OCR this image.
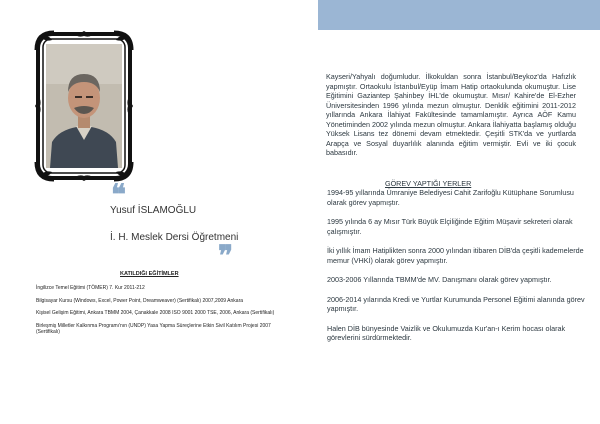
❝
Yusuf İSLAMOĞLU
İ. H. Meslek Dersi Öğretmeni
❞
KATILDIĞI EĞİTİMLER
İngilizce Temel Eğitimi (TÖMER) 7. Kur 2011-212
Bilgisayar Kursu (Windows, Excel, Power Point, Dreamweaver) (Sertifikalı) 2007,2009 Ankara
Kişisel Gelişim Eğitimi, Ankara TBMM 2004, Çanakkale 2008 ISO 9001 2000 TSE, 2006, Ankara (Sertifikalı)
Birleşmiş Milletler Kalkınma Programı'nın (UNDP) Yasa Yapma Süreçlerine Etkin Sivil Katılım Projesi 2007 (Sertifikalı)

Kayseri/Yahyalı doğumludur. İlkokuldan sonra İstanbul/Beykoz'da Hafızlık yapmıştır. Ortaokulu İstanbul/Eyüp İmam Hatip ortaokulunda okumuştur. Lise Eğitimini Gaziantep Şahinbey İHL'de okumuştur. Mısır/ Kahire'de El-Ezher Üniversitesinden 1996 yılında mezun olmuştur. Denklik eğitimini 2011-2012 yıllarında Ankara İlahiyat Fakültesinde tamamlamıştır. Ayrıca AÖF Kamu Yönetiminden 2002 yılında mezun olmuştur. Ankara İlahiyatta başlamış olduğu Yüksek Lisans tez dönemi devam etmektedir. Çeşitli STK'da ve yurtlarda Arapça ve Sosyal duyarlılık alanında eğitim vermiştir. Evli ve iki çocuk babasıdır.

GÖREV YAPTIĞI YERLER
1994-95 yıllarında Ümraniye Belediyesi Cahit Zarifoğlu Kütüphane Sorumlusu olarak görev yapmıştır.
1995 yılında 6 ay Mısır Türk Büyük Elçiliğinde Eğitim Müşavir sekreteri olarak çalışmıştır.
İki yıllık İmam Hatiplikten sonra 2000 yılından itibaren DİB'da çeşitli kademelerde memur (VHKİ) olarak görev yapmıştır.
2003-2006 Yıllarında TBMM'de MV. Danışmanı olarak görev yapmıştır.
2006-2014 yılarında Kredi ve Yurtlar Kurumunda Personel Eğitimi alanında görev yapmıştır.
Halen DİB bünyesinde Vaizlik ve Okulumuzda Kur'an-ı Kerim hocası olarak görevlerini sürdürmektedir.
